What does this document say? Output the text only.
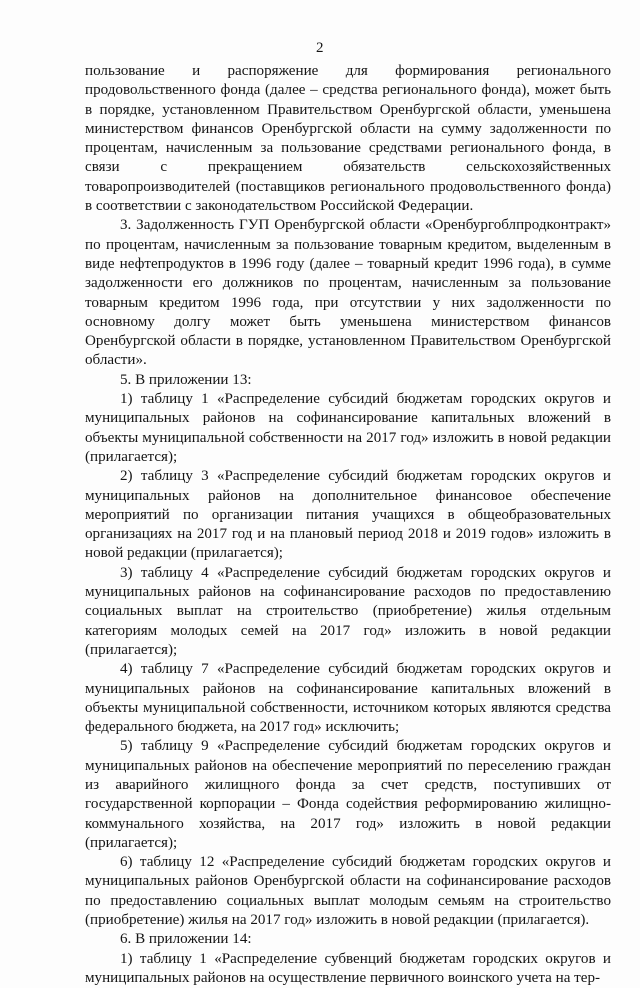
2

пользование и распоряжение для формирования регионального продовольственного фонда (далее – средства регионального фонда), может быть в порядке, установленном Правительством Оренбургской области, уменьшена министерством финансов Оренбургской области на сумму задолженности по процентам, начисленным за пользование средствами регионального фонда, в связи с прекращением обязательств сельскохозяйственных товаропроизводителей (поставщиков регионального продовольственного фонда) в соответствии с законодательством Российской Федерации.

3. Задолженность ГУП Оренбургской области «Оренбургоблпродконтракт» по процентам, начисленным за пользование товарным кредитом, выделенным в виде нефтепродуктов в 1996 году (далее – товарный кредит 1996 года), в сумме задолженности его должников по процентам, начисленным за пользование товарным кредитом 1996 года, при отсутствии у них задолженности по основному долгу может быть уменьшена министерством финансов Оренбургской области в порядке, установленном Правительством Оренбургской области».

5. В приложении 13:

1) таблицу 1 «Распределение субсидий бюджетам городских округов и муниципальных районов на софинансирование капитальных вложений в объекты муниципальной собственности на 2017 год» изложить в новой редакции (прилагается);

2) таблицу 3 «Распределение субсидий бюджетам городских округов и муниципальных районов на дополнительное финансовое обеспечение мероприятий по организации питания учащихся в общеобразовательных организациях на 2017 год и на плановый период 2018 и 2019 годов» изложить в новой редакции (прилагается);

3) таблицу 4 «Распределение субсидий бюджетам городских округов и муниципальных районов на софинансирование расходов по предоставлению социальных выплат на строительство (приобретение) жилья отдельным категориям молодых семей на 2017 год» изложить в новой редакции (прилагается);

4) таблицу 7 «Распределение субсидий бюджетам городских округов и муниципальных районов на софинансирование капитальных вложений в объекты муниципальной собственности, источником которых являются средства федерального бюджета, на 2017 год» исключить;

5) таблицу 9 «Распределение субсидий бюджетам городских округов и муниципальных районов на обеспечение мероприятий по переселению граждан из аварийного жилищного фонда за счет средств, поступивших от государственной корпорации – Фонда содействия реформированию жилищно-коммунального хозяйства, на 2017 год» изложить в новой редакции (прилагается);

6) таблицу 12 «Распределение субсидий бюджетам городских округов и муниципальных районов Оренбургской области на софинансирование расходов по предоставлению социальных выплат молодым семьям на строительство (приобретение) жилья на 2017 год» изложить в новой редакции (прилагается).

6. В приложении 14:

1) таблицу 1 «Распределение субвенций бюджетам городских округов и муниципальных районов на осуществление первичного воинского учета на тер-
